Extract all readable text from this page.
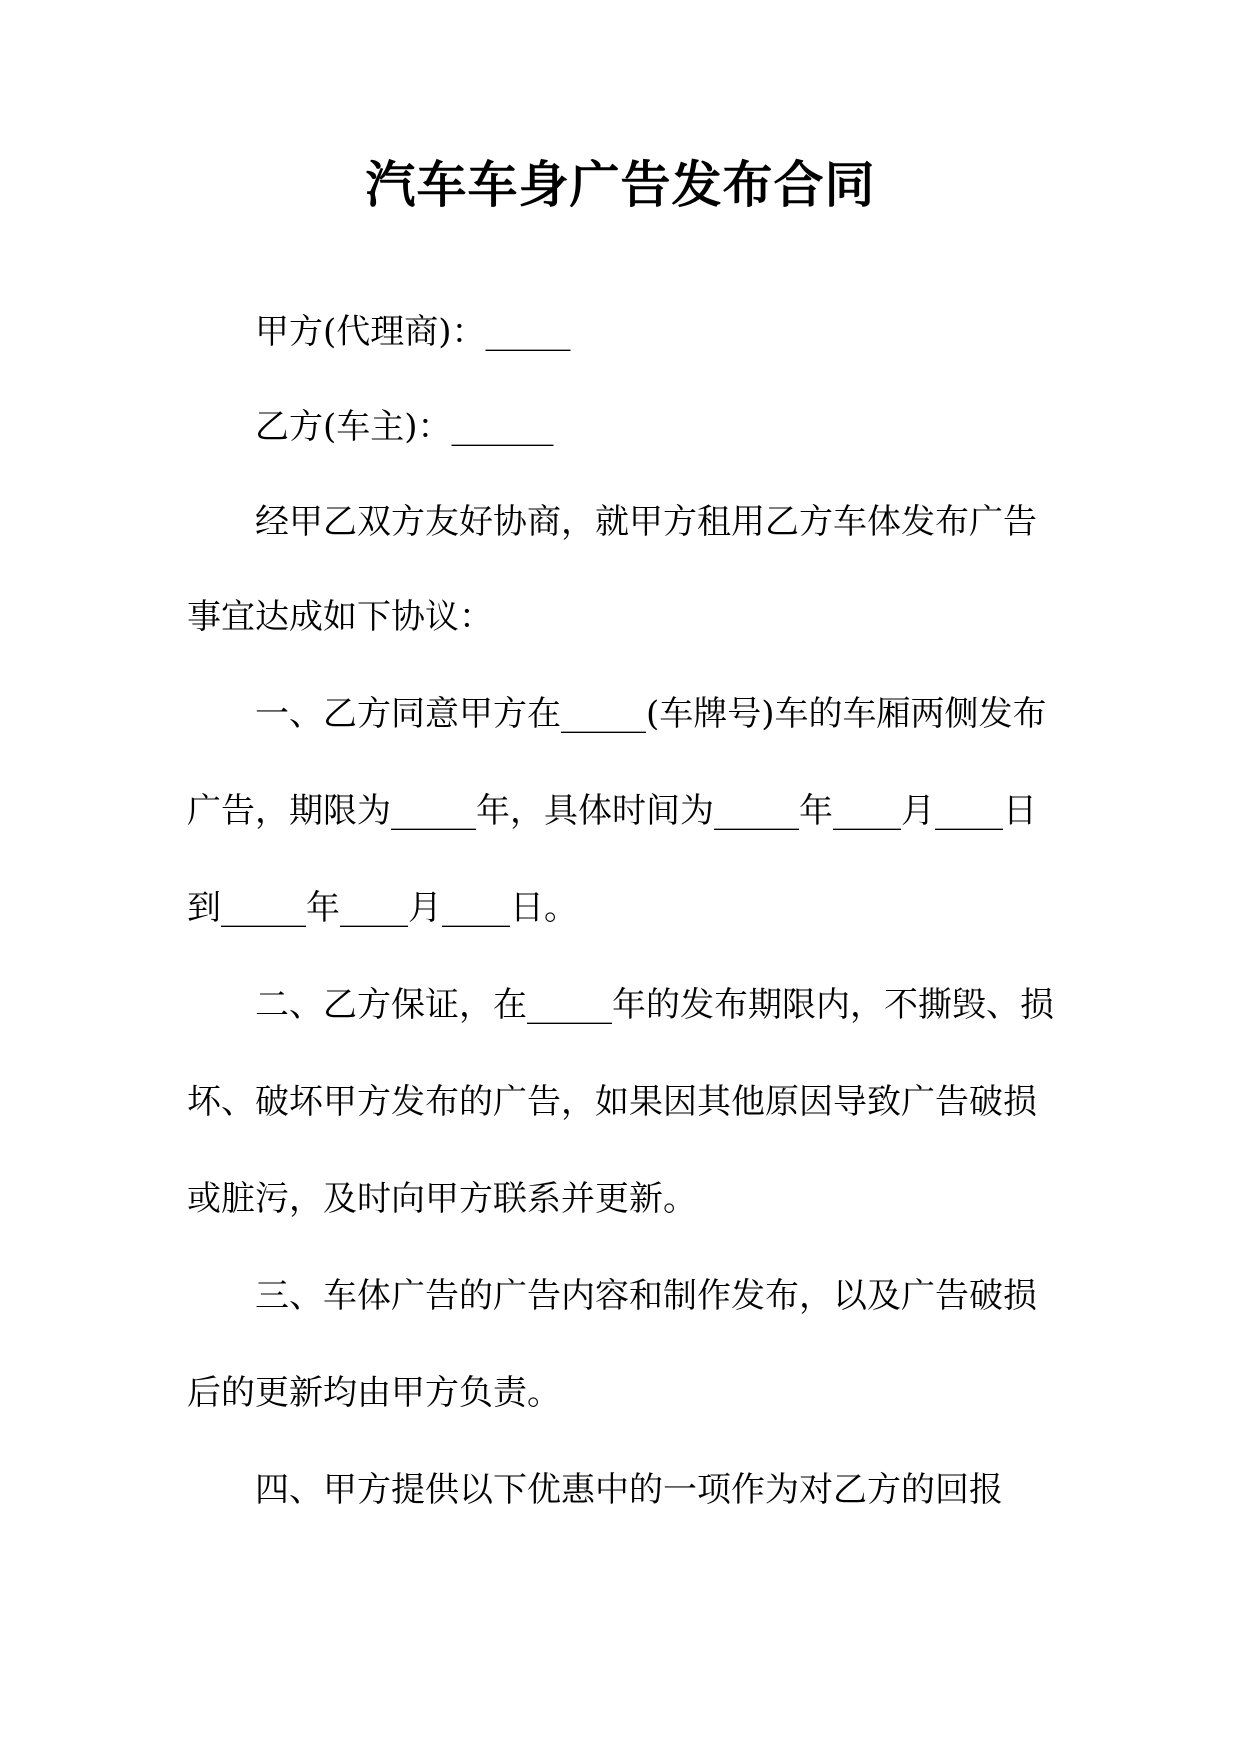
汽车车身广告发布合同

甲方(代理商)：_____

乙方(车主)：______

经甲乙双方友好协商，就甲方租用乙方车体发布广告

事宜达成如下协议：

一、乙方同意甲方在_____(车牌号)车的车厢两侧发布

广告，期限为_____年，具体时间为_____年____月____日

到_____年____月____日。

二、乙方保证，在_____年的发布期限内，不撕毁、损

坏、破坏甲方发布的广告，如果因其他原因导致广告破损

或脏污，及时向甲方联系并更新。

三、车体广告的广告内容和制作发布，以及广告破损

后的更新均由甲方负责。

四、甲方提供以下优惠中的一项作为对乙方的回报
